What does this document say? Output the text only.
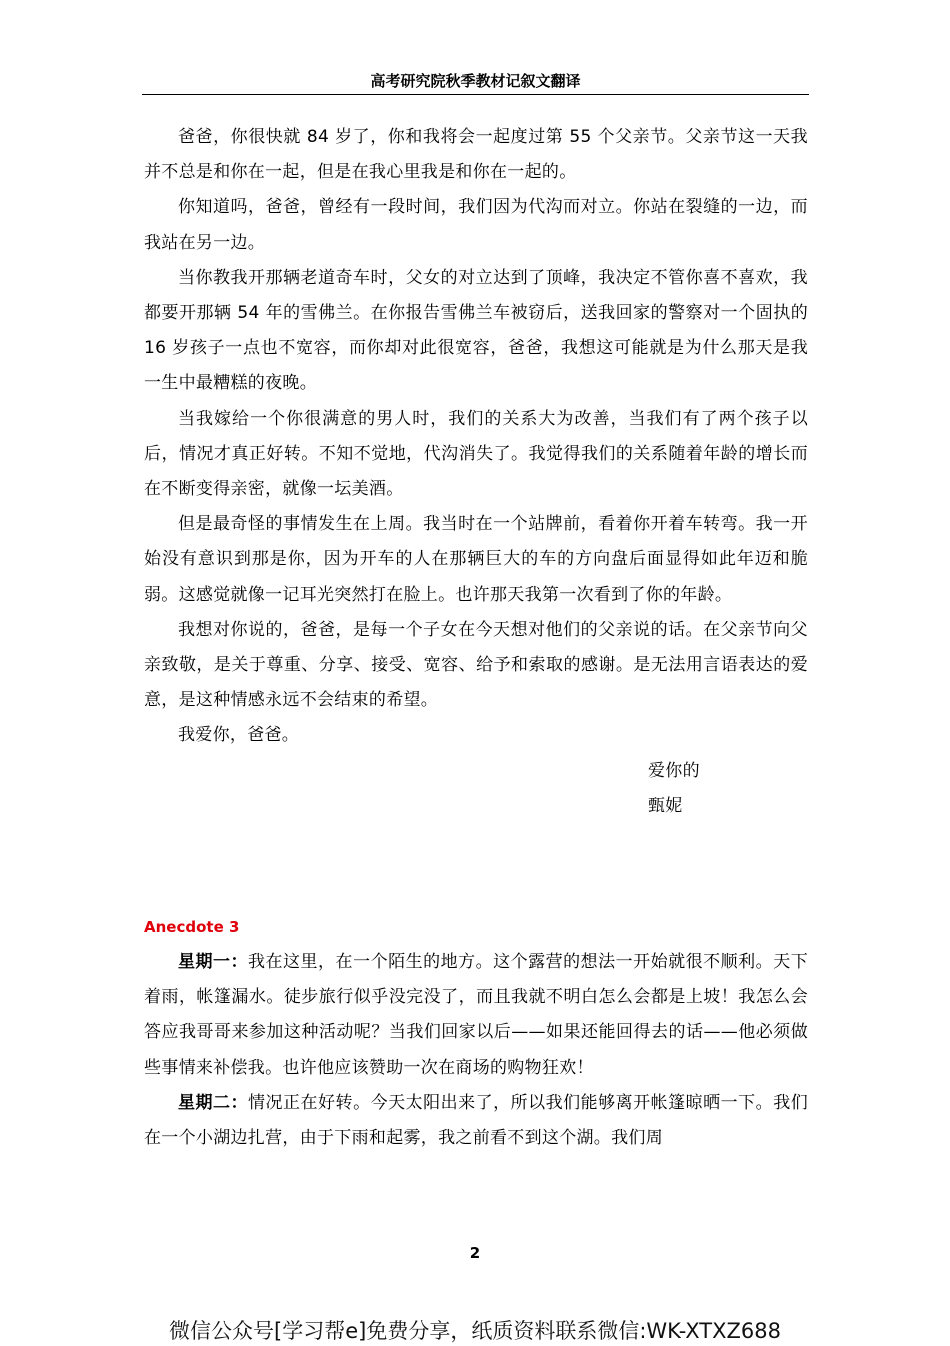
高考研究院秋季教材记叙文翻译

爸爸，你很快就 84 岁了，你和我将会一起度过第 55 个父亲节。父亲节这一天我并不总是和你在一起，但是在我心里我是和你在一起的。

你知道吗，爸爸，曾经有一段时间，我们因为代沟而对立。你站在裂缝的一边，而我站在另一边。

当你教我开那辆老道奇车时，父女的对立达到了顶峰，我决定不管你喜不喜欢，我都要开那辆 54 年的雪佛兰。在你报告雪佛兰车被窃后，送我回家的警察对一个固执的 16 岁孩子一点也不宽容，而你却对此很宽容，爸爸，我想这可能就是为什么那天是我一生中最糟糕的夜晚。

当我嫁给一个你很满意的男人时，我们的关系大为改善，当我们有了两个孩子以后，情况才真正好转。不知不觉地，代沟消失了。我觉得我们的关系随着年龄的增长而在不断变得亲密，就像一坛美酒。

但是最奇怪的事情发生在上周。我当时在一个站牌前，看着你开着车转弯。我一开始没有意识到那是你，因为开车的人在那辆巨大的车的方向盘后面显得如此年迈和脆弱。这感觉就像一记耳光突然打在脸上。也许那天我第一次看到了你的年龄。

我想对你说的，爸爸，是每一个子女在今天想对他们的父亲说的话。在父亲节向父亲致敬，是关于尊重、分享、接受、宽容、给予和索取的感谢。是无法用言语表达的爱意，是这种情感永远不会结束的希望。

我爱你，爸爸。

爱你的
甄妮
Anecdote 3

星期一：我在这里，在一个陌生的地方。这个露营的想法一开始就很不顺利。天下着雨，帐篷漏水。徒步旅行似乎没完没了，而且我就不明白怎么会都是上坡！我怎么会答应我哥哥来参加这种活动呢？当我们回家以后——如果还能回得去的话——他必须做些事情来补偿我。也许他应该赞助一次在商场的购物狂欢！

星期二：情况正在好转。今天太阳出来了，所以我们能够离开帐篷晾晒一下。我们在一个小湖边扎营，由于下雨和起雾，我之前看不到这个湖。我们周

2
微信公众号[学习帮e]免费分享，纸质资料联系微信:WK-XTXZ688
